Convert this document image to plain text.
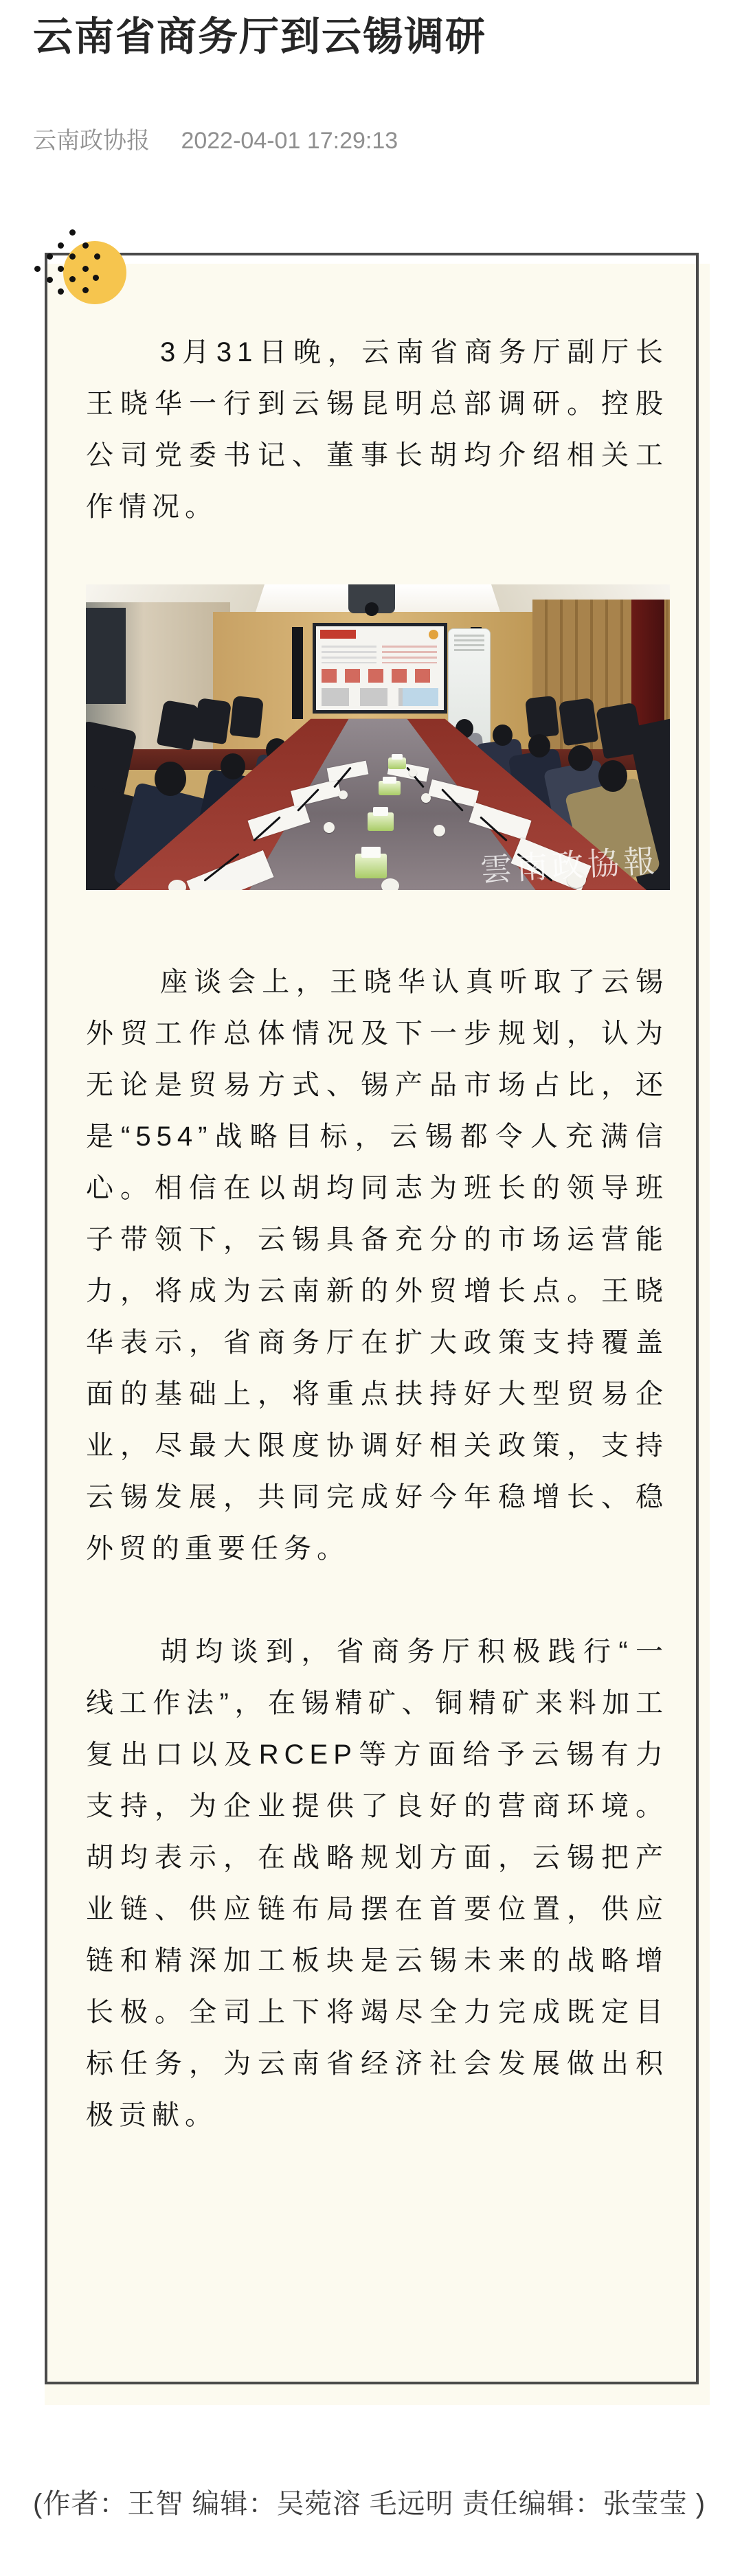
云南省商务厅到云锡调研
云南政协报 2022-04-01 17:29:13

3月31日晚，云南省商务厅副厅长王晓华一行到云锡昆明总部调研。控股公司党委书记、董事长胡均介绍相关工作情况。

雲南政協報

座谈会上，王晓华认真听取了云锡外贸工作总体情况及下一步规划，认为无论是贸易方式、锡产品市场占比，还是“554”战略目标，云锡都令人充满信心。相信在以胡均同志为班长的领导班子带领下，云锡具备充分的市场运营能力，将成为云南新的外贸增长点。王晓华表示，省商务厅在扩大政策支持覆盖面的基础上，将重点扶持好大型贸易企业，尽最大限度协调好相关政策，支持云锡发展，共同完成好今年稳增长、稳外贸的重要任务。

胡均谈到，省商务厅积极践行“一线工作法”，在锡精矿、铜精矿来料加工复出口以及RCEP等方面给予云锡有力支持，为企业提供了良好的营商环境。胡均表示，在战略规划方面，云锡把产业链、供应链布局摆在首要位置，供应链和精深加工板块是云锡未来的战略增长极。全司上下将竭尽全力完成既定目标任务，为云南省经济社会发展做出积极贡献。

(作者：王智 编辑：吴菀溶 毛远明 责任编辑：张莹莹 )
